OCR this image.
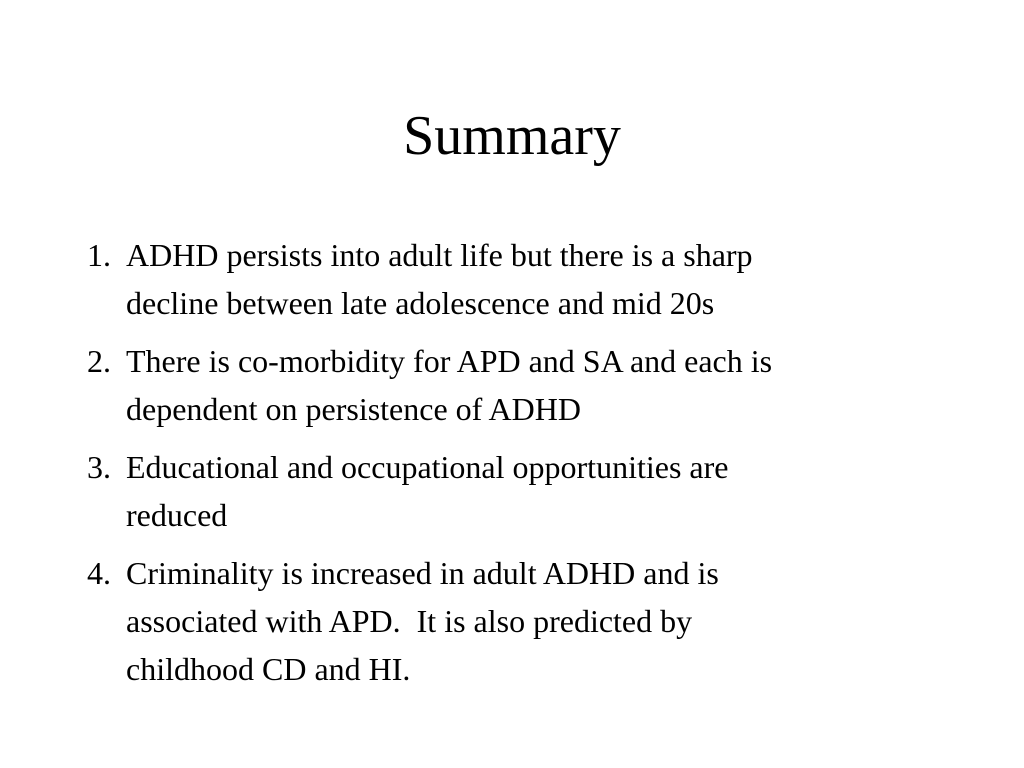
Summary
1. ADHD persists into adult life but there is a sharp
decline between late adolescence and mid 20s
2. There is co-morbidity for APD and SA and each is
dependent on persistence of ADHD
3. Educational and occupational opportunities are
reduced
4. Criminality is increased in adult ADHD and is
associated with APD.  It is also predicted by
childhood CD and HI.
